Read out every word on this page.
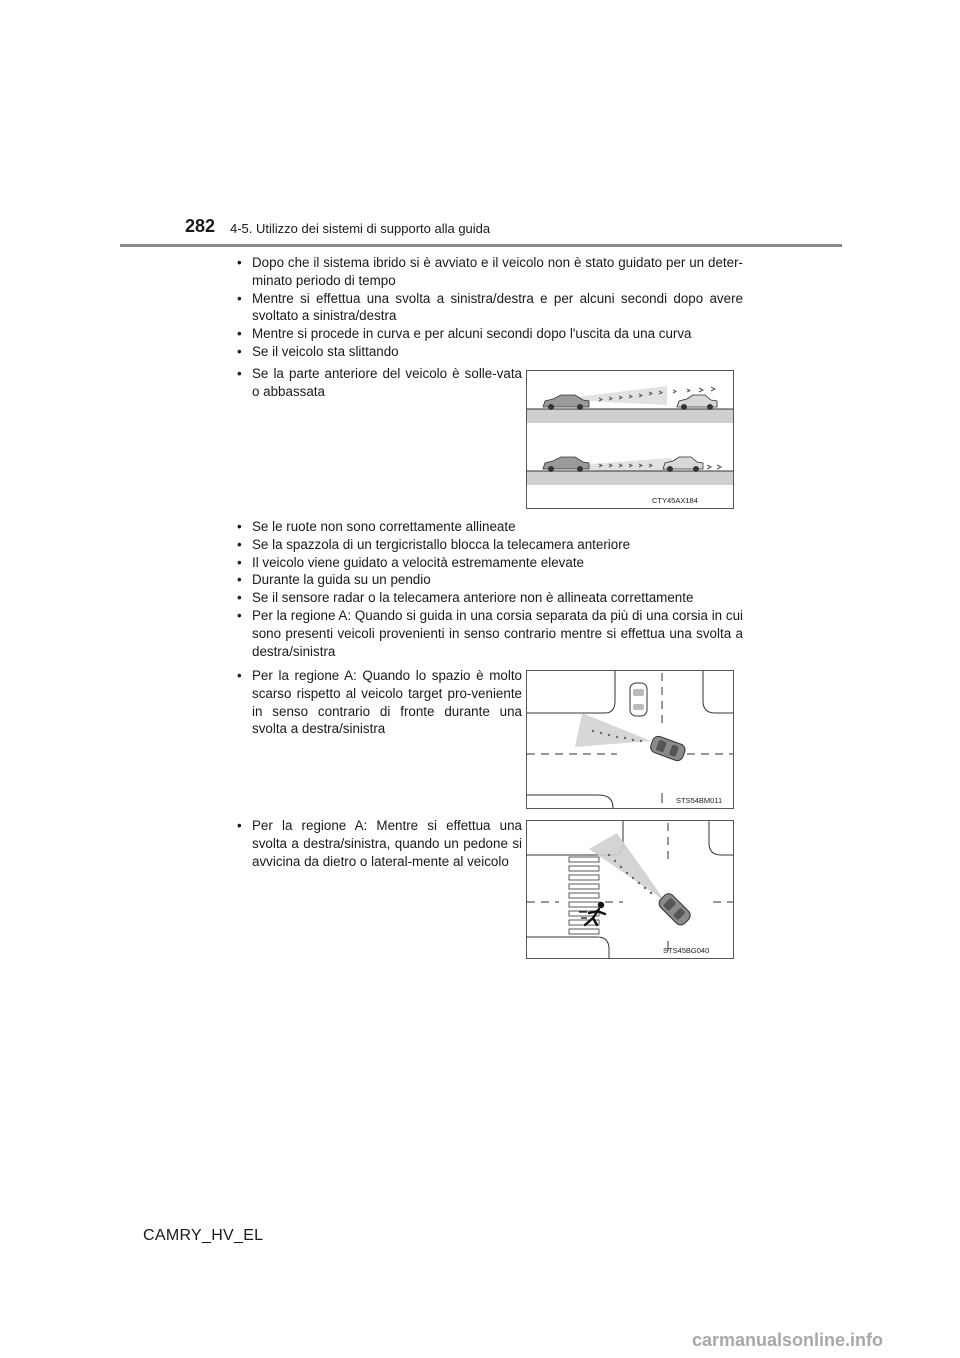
282 4-5. Utilizzo dei sistemi di supporto alla guida
• Dopo che il sistema ibrido si è avviato e il veicolo non è stato guidato per un deter-minato periodo di tempo
• Mentre si effettua una svolta a sinistra/destra e per alcuni secondi dopo avere svoltato a sinistra/destra
• Mentre si procede in curva e per alcuni secondi dopo l'uscita da una curva
• Se il veicolo sta slittando
• Se la parte anteriore del veicolo è solle-vata o abbassata
CTY45AX184
• Se le ruote non sono correttamente allineate
• Se la spazzola di un tergicristallo blocca la telecamera anteriore
• Il veicolo viene guidato a velocità estremamente elevate
• Durante la guida su un pendio
• Se il sensore radar o la telecamera anteriore non è allineata correttamente
• Per la regione A: Quando si guida in una corsia separata da più di una corsia in cui sono presenti veicoli provenienti in senso contrario mentre si effettua una svolta a destra/sinistra
• Per la regione A: Quando lo spazio è molto scarso rispetto al veicolo target pro-veniente in senso contrario di fronte durante una svolta a destra/sinistra
STS54BM011
• Per la regione A: Mentre si effettua una svolta a destra/sinistra, quando un pedone si avvicina da dietro o lateral-mente al veicolo
STS45BG040
CAMRY_HV_EL
carmanualsonline.info
